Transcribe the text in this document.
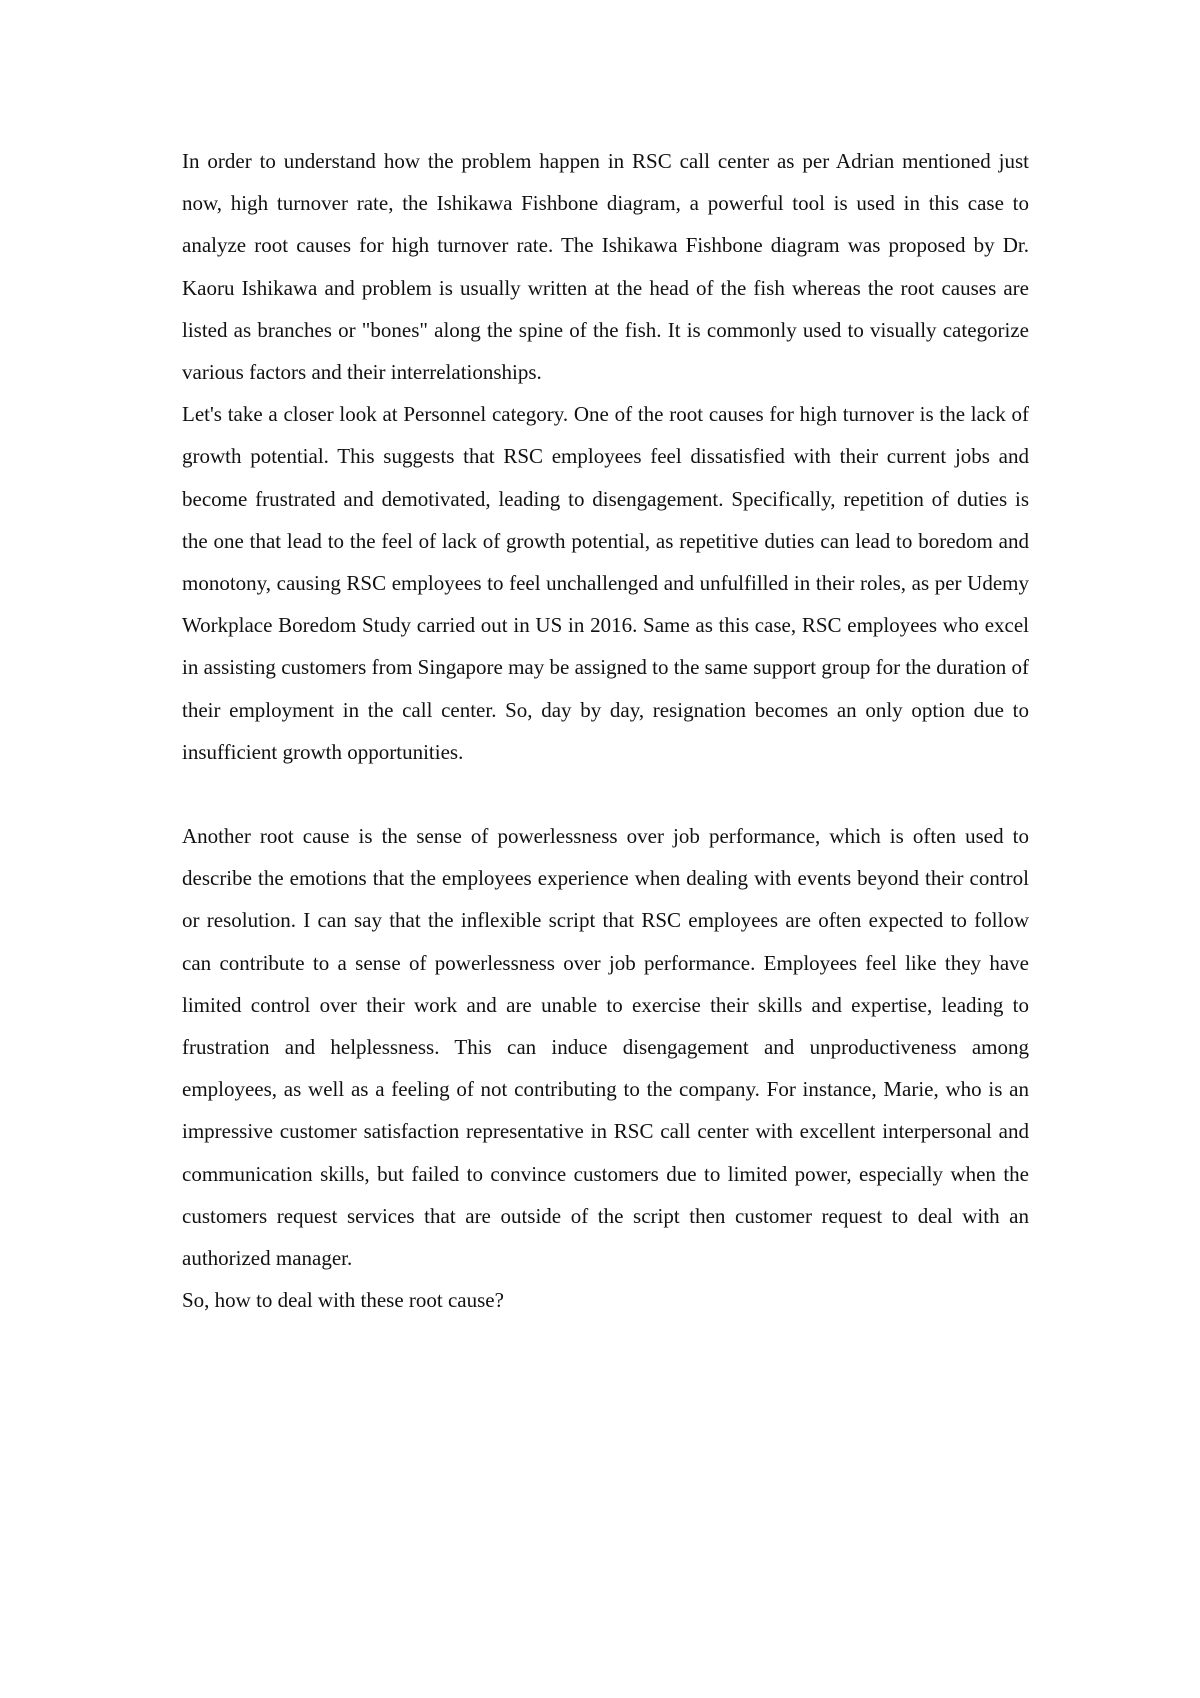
In order to understand how the problem happen in RSC call center as per Adrian mentioned just now, high turnover rate, the Ishikawa Fishbone diagram, a powerful tool is used in this case to analyze root causes for high turnover rate. The Ishikawa Fishbone diagram was proposed by Dr. Kaoru Ishikawa and problem is usually written at the head of the fish whereas the root causes are listed as branches or "bones" along the spine of the fish. It is commonly used to visually categorize various factors and their interrelationships.

Let's take a closer look at Personnel category. One of the root causes for high turnover is the lack of growth potential. This suggests that RSC employees feel dissatisfied with their current jobs and become frustrated and demotivated, leading to disengagement. Specifically, repetition of duties is the one that lead to the feel of lack of growth potential, as repetitive duties can lead to boredom and monotony, causing RSC employees to feel unchallenged and unfulfilled in their roles, as per Udemy Workplace Boredom Study carried out in US in 2016. Same as this case, RSC employees who excel in assisting customers from Singapore may be assigned to the same support group for the duration of their employment in the call center. So, day by day, resignation becomes an only option due to insufficient growth opportunities.

Another root cause is the sense of powerlessness over job performance, which is often used to describe the emotions that the employees experience when dealing with events beyond their control or resolution. I can say that the inflexible script that RSC employees are often expected to follow can contribute to a sense of powerlessness over job performance. Employees feel like they have limited control over their work and are unable to exercise their skills and expertise, leading to frustration and helplessness. This can induce disengagement and unproductiveness among employees, as well as a feeling of not contributing to the company. For instance, Marie, who is an impressive customer satisfaction representative in RSC call center with excellent interpersonal and communication skills, but failed to convince customers due to limited power, especially when the customers request services that are outside of the script then customer request to deal with an authorized manager.

So, how to deal with these root cause?
